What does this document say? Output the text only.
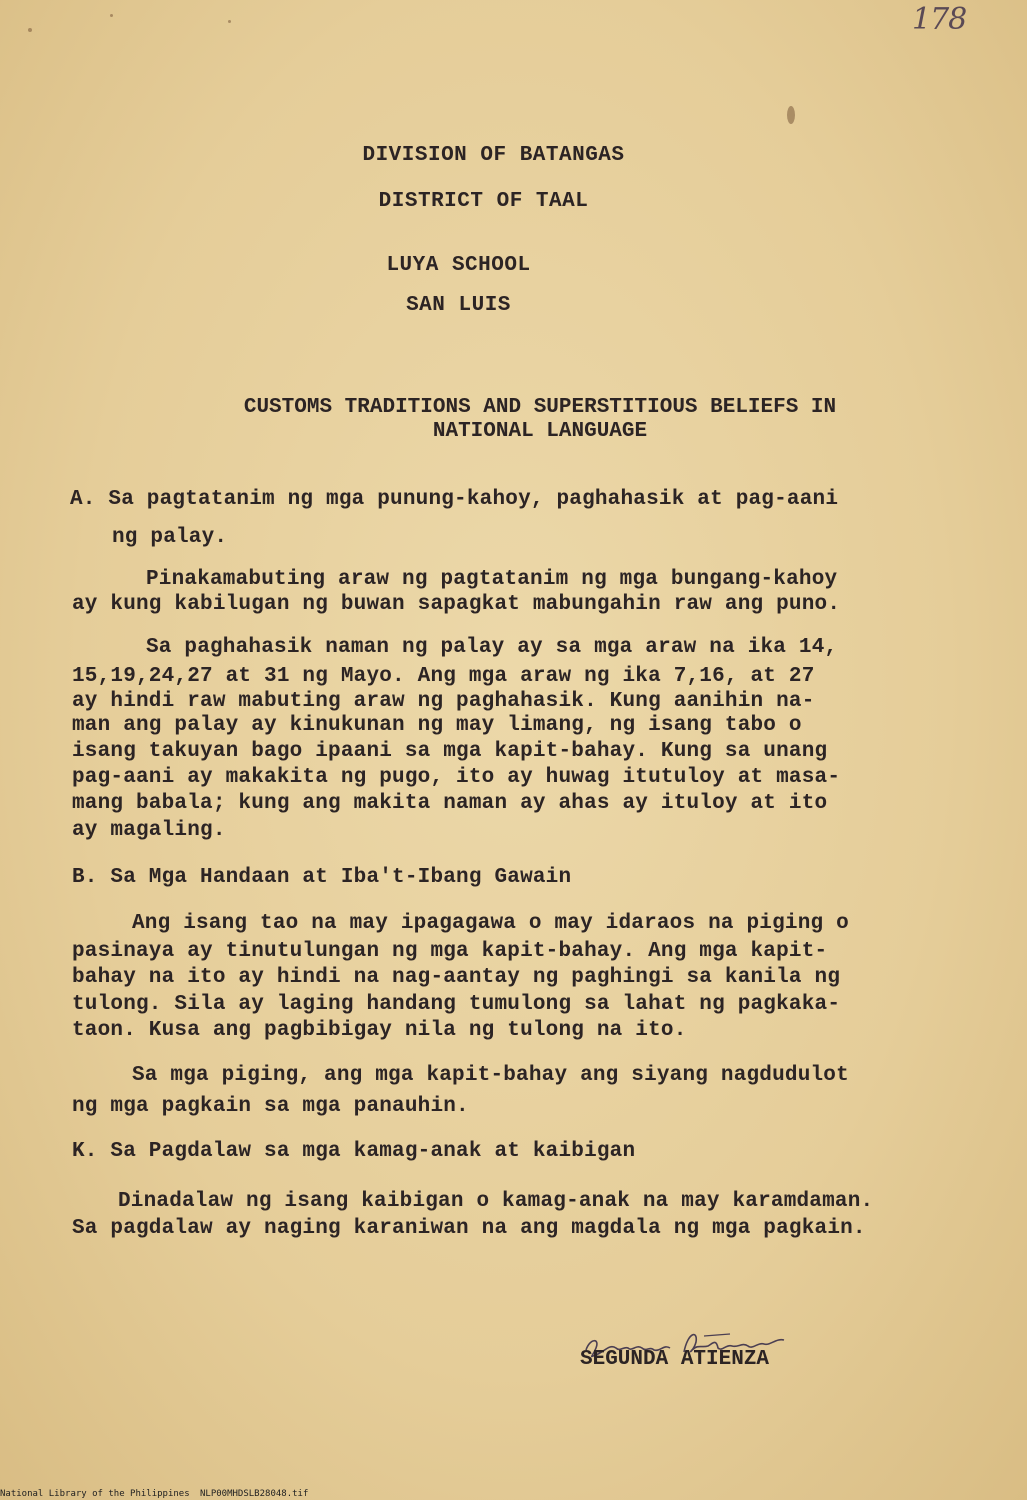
178
DIVISION OF BATANGAS
DISTRICT OF TAAL
LUYA SCHOOL
SAN LUIS
CUSTOMS TRADITIONS AND SUPERSTITIOUS BELIEFS IN
NATIONAL LANGUAGE
A. Sa pagtatanim ng mga punung-kahoy, paghahasik at pag-aani
ng palay.
Pinakamabuting araw ng pagtatanim ng mga bungang-kahoy
ay kung kabilugan ng buwan sapagkat mabungahin raw ang puno.
Sa paghahasik naman ng palay ay sa mga araw na ika 14,
15,19,24,27 at 31 ng Mayo. Ang mga araw ng ika 7,16, at 27
ay hindi raw mabuting araw ng paghahasik. Kung aanihin na-
man ang palay ay kinukunan ng may limang, ng isang tabo o
isang takuyan bago ipaani sa mga kapit-bahay. Kung sa unang
pag-aani ay makakita ng pugo, ito ay huwag itutuloy at masa-
mang babala; kung ang makita naman ay ahas ay ituloy at ito
ay magaling.
B. Sa Mga Handaan at Iba't-Ibang Gawain
Ang isang tao na may ipagagawa o may idaraos na piging o
pasinaya ay tinutulungan ng mga kapit-bahay. Ang mga kapit-
bahay na ito ay hindi na nag-aantay ng paghingi sa kanila ng
tulong. Sila ay laging handang tumulong sa lahat ng pagkaka-
taon. Kusa ang pagbibigay nila ng tulong na ito.
Sa mga piging, ang mga kapit-bahay ang siyang nagdudulot
ng mga pagkain sa mga panauhin.
K. Sa Pagdalaw sa mga kamag-anak at kaibigan
Dinadalaw ng isang kaibigan o kamag-anak na may karamdaman.
Sa pagdalaw ay naging karaniwan na ang magdala ng mga pagkain.
SEGUNDA ATIENZA
National Library of the Philippines NLP00MHDSLB28048.tif
